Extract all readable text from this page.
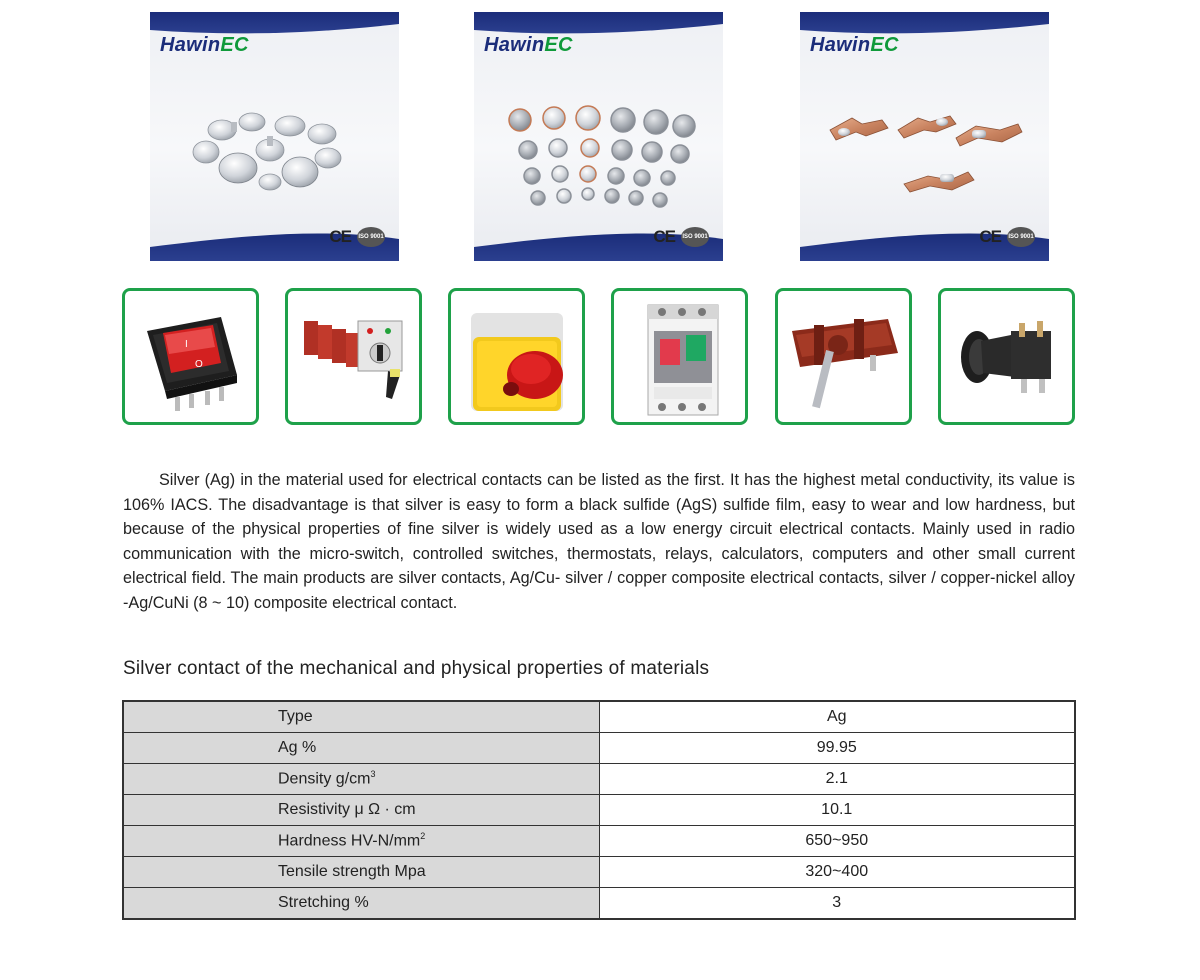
HawinEC
CE ISO 9001
HawinEC
CE ISO 9001
HawinEC
CE ISO 9001
I
O

Silver (Ag) in the material used for electrical contacts can be listed as the first. It has the highest metal conductivity, its value is 106% IACS. The disadvantage is that silver is easy to form a black sulfide (AgS) sulfide film, easy to wear and low hardness, but because of the physical properties of fine silver is widely used as a low energy circuit electrical contacts. Mainly used in radio communication with the micro-switch, controlled switches, thermostats, relays, calculators, computers and other small current electrical field. The main products are silver contacts, Ag/Cu- silver / copper composite electrical contacts, silver / copper-nickel alloy -Ag/CuNi (8 ~ 10) composite electrical contact.

Silver contact of the mechanical and physical properties of materials
Type	Ag
Ag %	99.95
Density $g/cm^3$	2.1
Resistivity μ Ω · cm	10.1
Hardness $HV-N/mm^2$	650~950
Tensile strength Mpa	320~400
Stretching %	3
